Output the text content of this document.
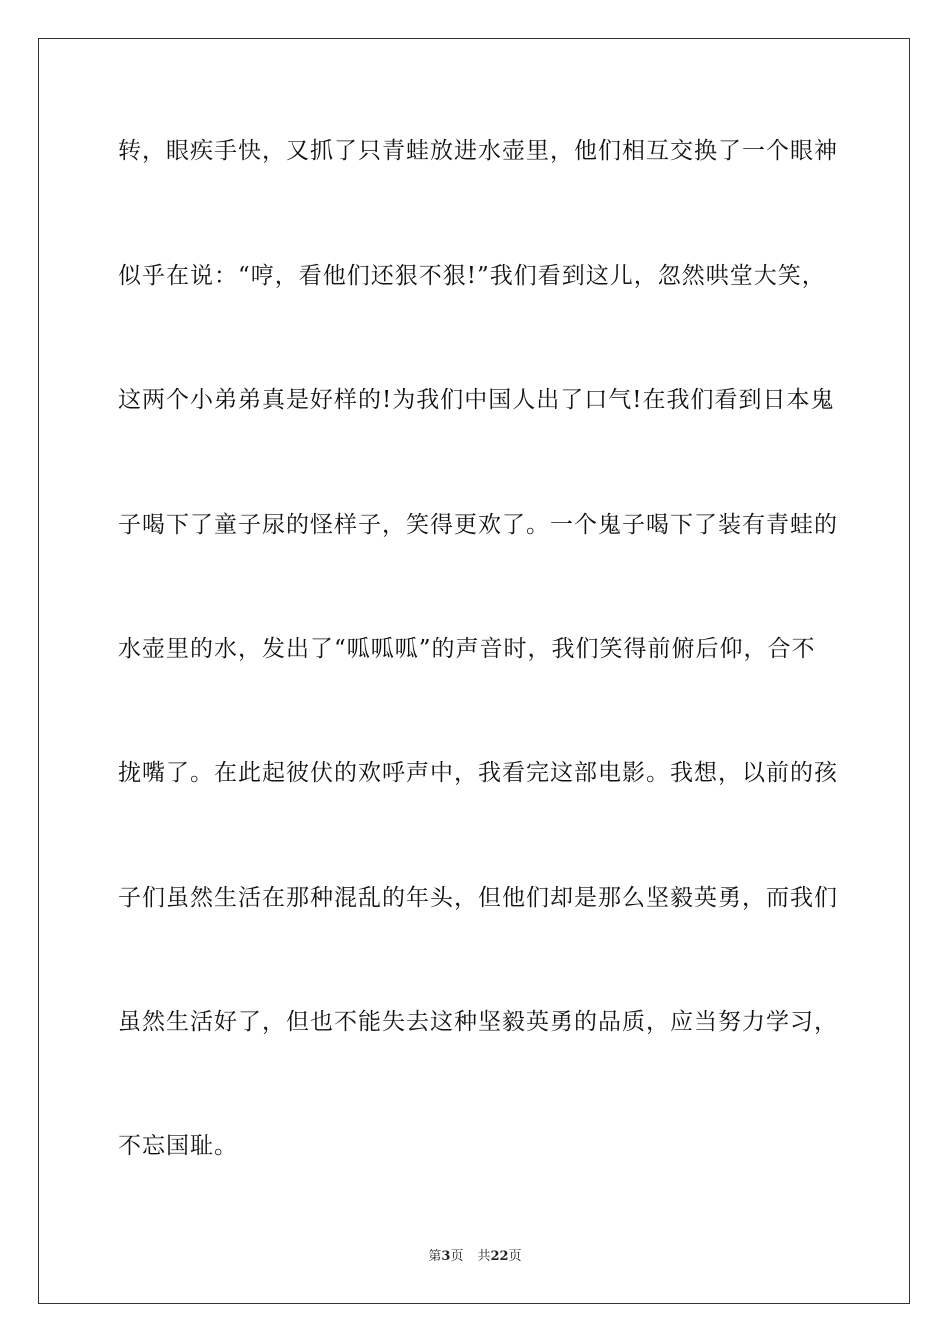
转，眼疾手快，又抓了只青蛙放进水壶里，他们相互交换了一个眼神
似乎在说：“哼，看他们还狠不狠!”我们看到这儿，忽然哄堂大笑，
这两个小弟弟真是好样的!为我们中国人出了口气!在我们看到日本鬼
子喝下了童子尿的怪样子，笑得更欢了。一个鬼子喝下了装有青蛙的
水壶里的水，发出了“呱呱呱”的声音时，我们笑得前俯后仰，合不
拢嘴了。在此起彼伏的欢呼声中，我看完这部电影。我想，以前的孩
子们虽然生活在那种混乱的年头，但他们却是那么坚毅英勇，而我们
虽然生活好了，但也不能失去这种坚毅英勇的品质，应当努力学习，
不忘国耻。
第3页 共22页
